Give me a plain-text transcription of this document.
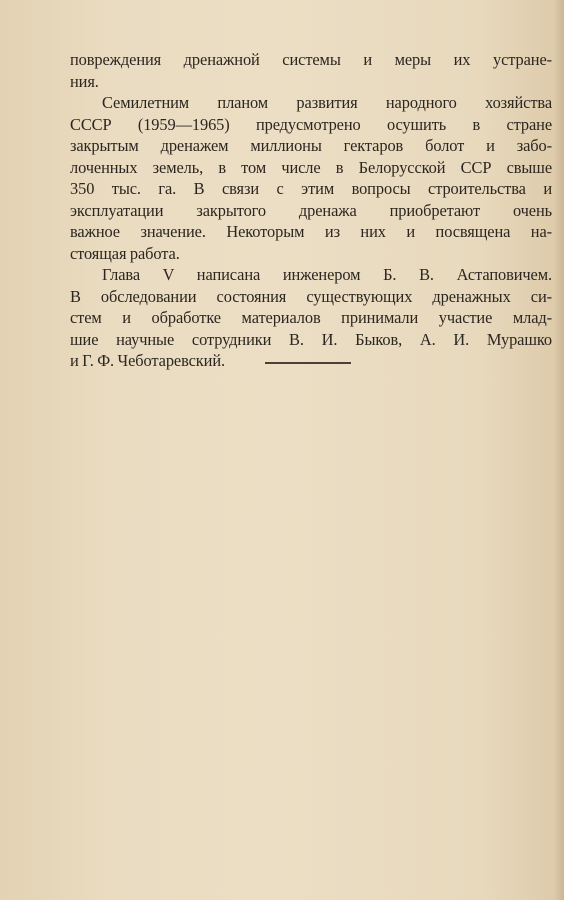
повреждения дренажной системы и меры их устране-
ния.
Семилетним планом развития народного хозяйства
СССР (1959—1965) предусмотрено осушить в стране
закрытым дренажем миллионы гектаров болот и забо-
лоченных земель, в том числе в Белорусской ССР свыше
350 тыс. га. В связи с этим вопросы строительства и
эксплуатации закрытого дренажа приобретают очень
важное значение. Некоторым из них и посвящена на-
стоящая работа.
Глава V написана инженером Б. В. Астаповичем.
В обследовании состояния существующих дренажных си-
стем и обработке материалов принимали участие млад-
шие научные сотрудники В. И. Быков, А. И. Мурашко
и Г. Ф. Чеботаревский.
